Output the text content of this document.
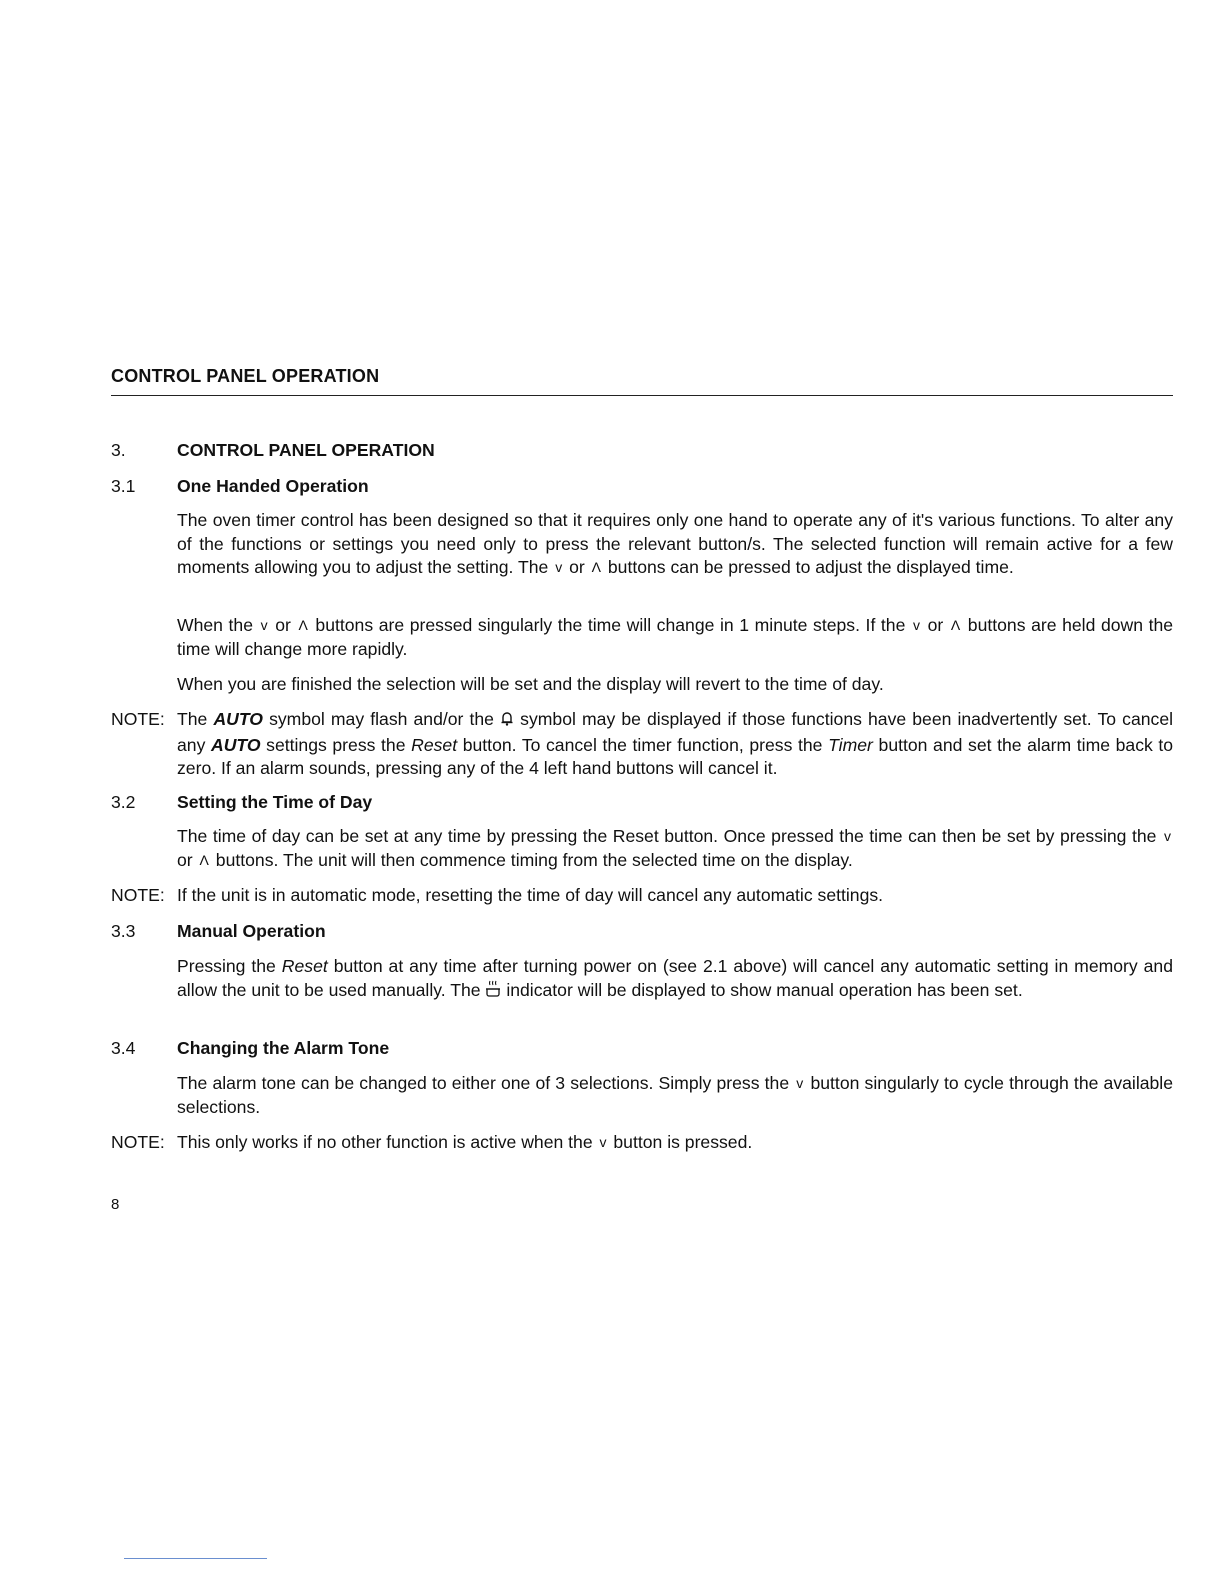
CONTROL PANEL OPERATION
3.	CONTROL PANEL OPERATION
3.1 One Handed Operation
The oven timer control has been designed so that it requires only one hand to operate any of it's various functions. To alter any of the functions or settings you need only to press the relevant button/s. The selected function will remain active for a few moments allowing you to adjust the setting. The v or Λ buttons can be pressed to adjust the displayed time.
When the v or Λ buttons are pressed singularly the time will change in 1 minute steps. If the v or Λ buttons are held down the time will change more rapidly.
When you are finished the selection will be set and the display will revert to the time of day.
NOTE: The AUTO symbol may flash and/or the symbol may be displayed if those functions have been inadvertently set. To cancel any AUTO settings press the Reset button. To cancel the timer function, press the Timer button and set the alarm time back to zero. If an alarm sounds, pressing any of the 4 left hand buttons will cancel it.
3.2 Setting the Time of Day
The time of day can be set at any time by pressing the Reset button. Once pressed the time can then be set by pressing the v or Λ buttons. The unit will then commence timing from the selected time on the display.
NOTE: If the unit is in automatic mode, resetting the time of day will cancel any automatic settings.
3.3 Manual Operation
Pressing the Reset button at any time after turning power on (see 2.1 above) will cancel any automatic setting in memory and allow the unit to be used manually. The indicator will be displayed to show manual operation has been set.
3.4 Changing the Alarm Tone
The alarm tone can be changed to either one of 3 selections. Simply press the v button singularly to cycle through the available selections.
NOTE: This only works if no other function is active when the v button is pressed.
8
